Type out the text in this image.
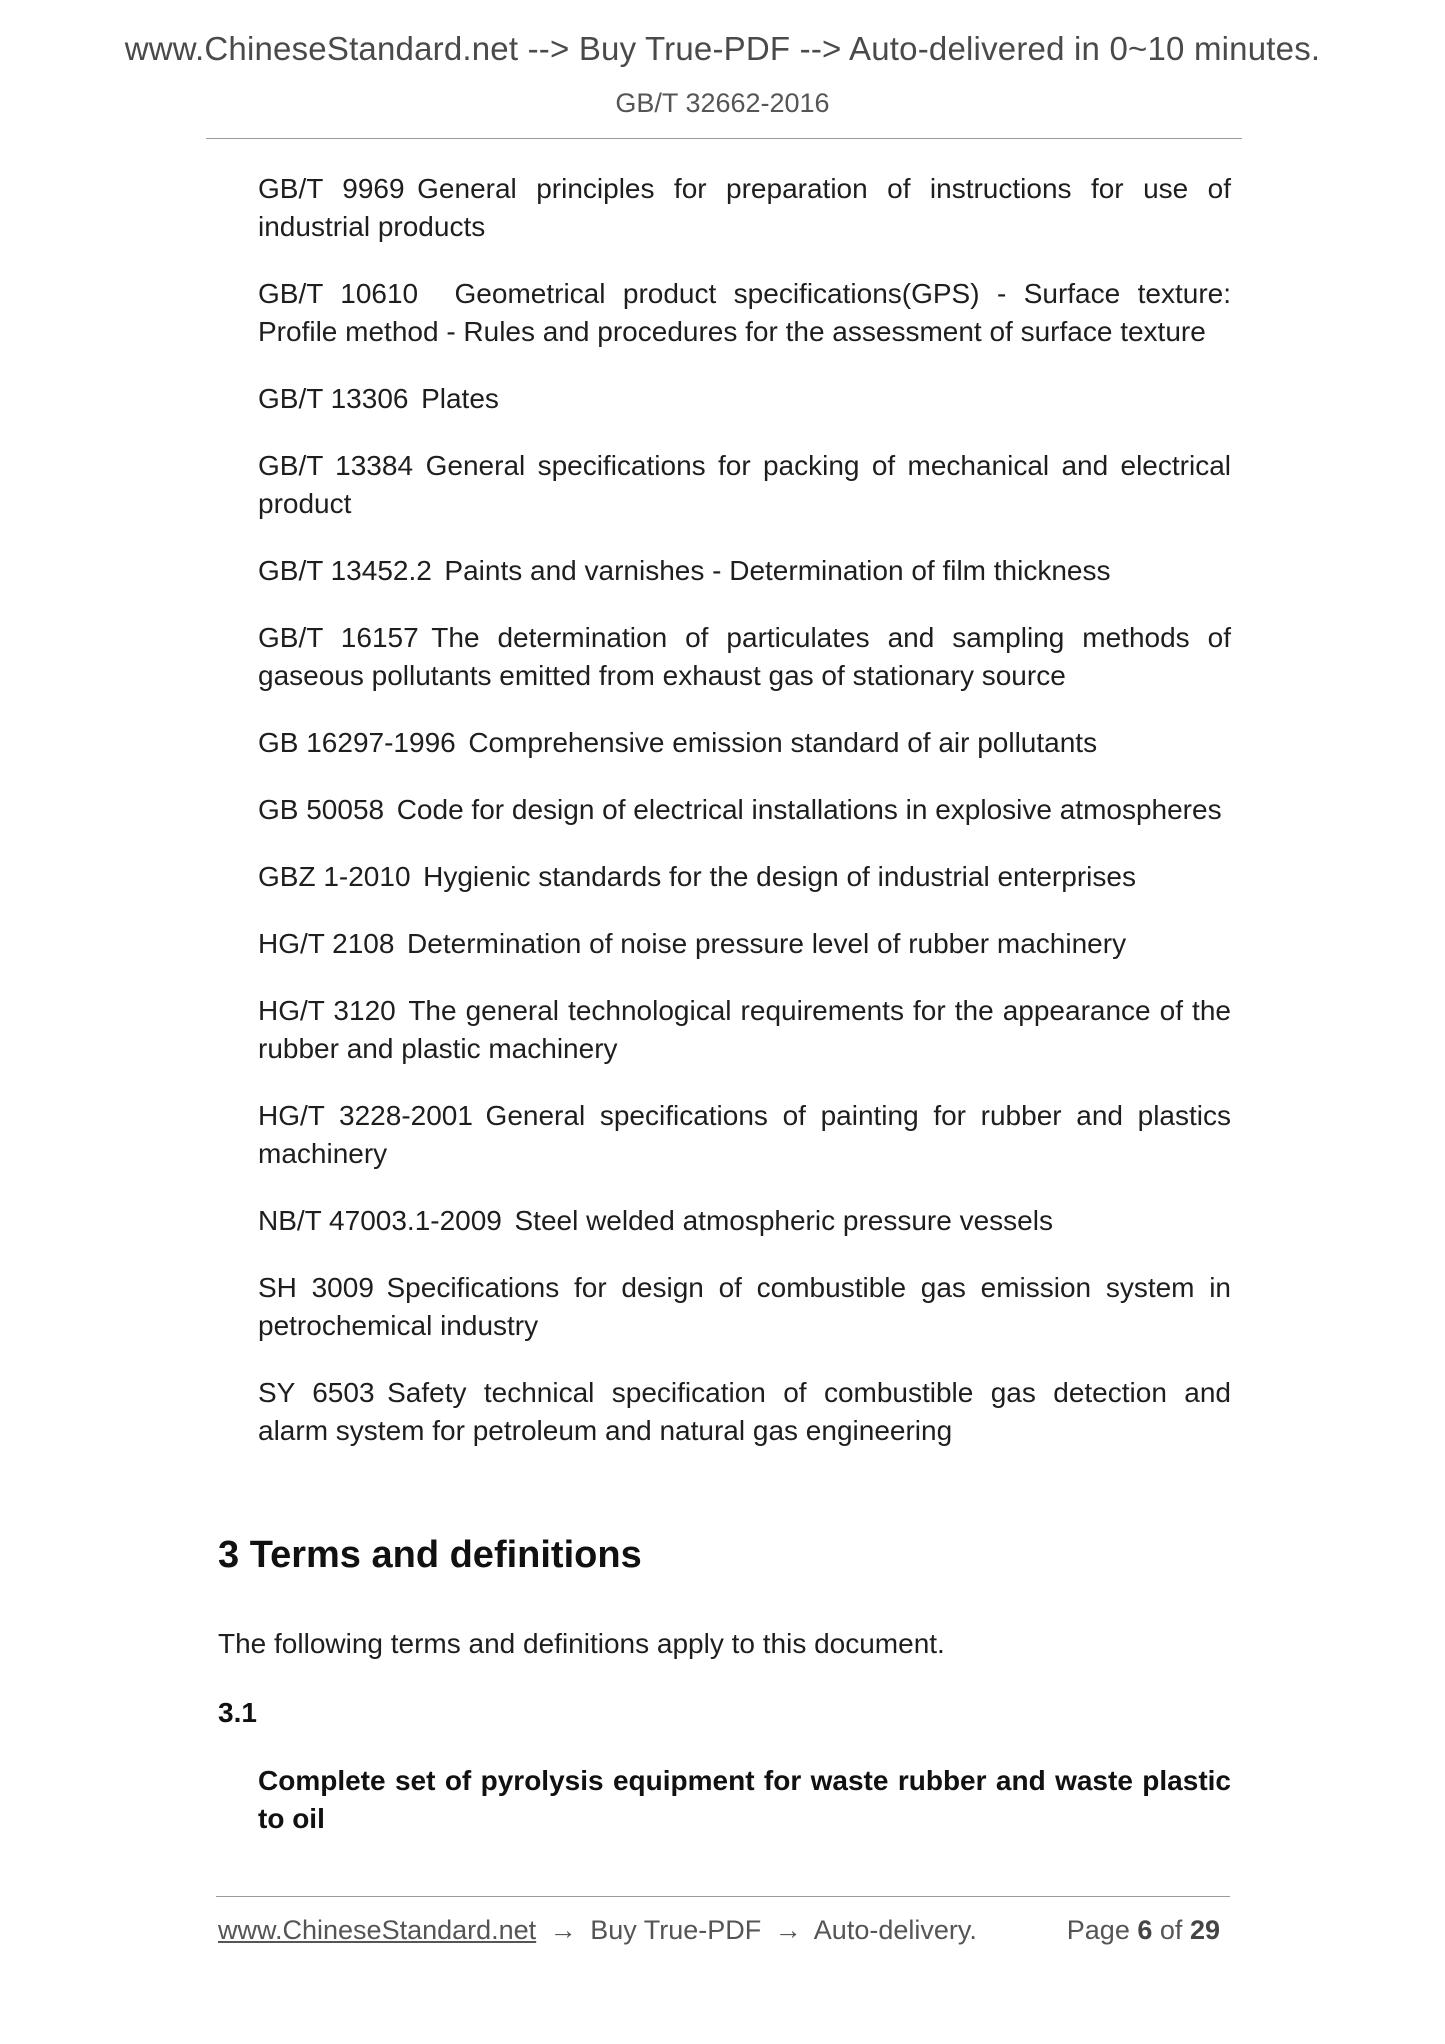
www.ChineseStandard.net --> Buy True-PDF --> Auto-delivered in 0~10 minutes.
GB/T 32662-2016

GB/T 9969 General principles for preparation of instructions for use of industrial products

GB/T 10610 Geometrical product specifications(GPS) - Surface texture: Profile method - Rules and procedures for the assessment of surface texture

GB/T 13306 Plates

GB/T 13384 General specifications for packing of mechanical and electrical product

GB/T 13452.2 Paints and varnishes - Determination of film thickness

GB/T 16157 The determination of particulates and sampling methods of gaseous pollutants emitted from exhaust gas of stationary source

GB 16297-1996 Comprehensive emission standard of air pollutants

GB 50058 Code for design of electrical installations in explosive atmospheres

GBZ 1-2010 Hygienic standards for the design of industrial enterprises

HG/T 2108 Determination of noise pressure level of rubber machinery

HG/T 3120 The general technological requirements for the appearance of the rubber and plastic machinery

HG/T 3228-2001 General specifications of painting for rubber and plastics machinery

NB/T 47003.1-2009 Steel welded atmospheric pressure vessels

SH 3009 Specifications for design of combustible gas emission system in petrochemical industry

SY 6503 Safety technical specification of combustible gas detection and alarm system for petroleum and natural gas engineering

3 Terms and definitions

The following terms and definitions apply to this document.

3.1

Complete set of pyrolysis equipment for waste rubber and waste plastic to oil

www.ChineseStandard.net → Buy True-PDF → Auto-delivery.	Page 6 of 29
